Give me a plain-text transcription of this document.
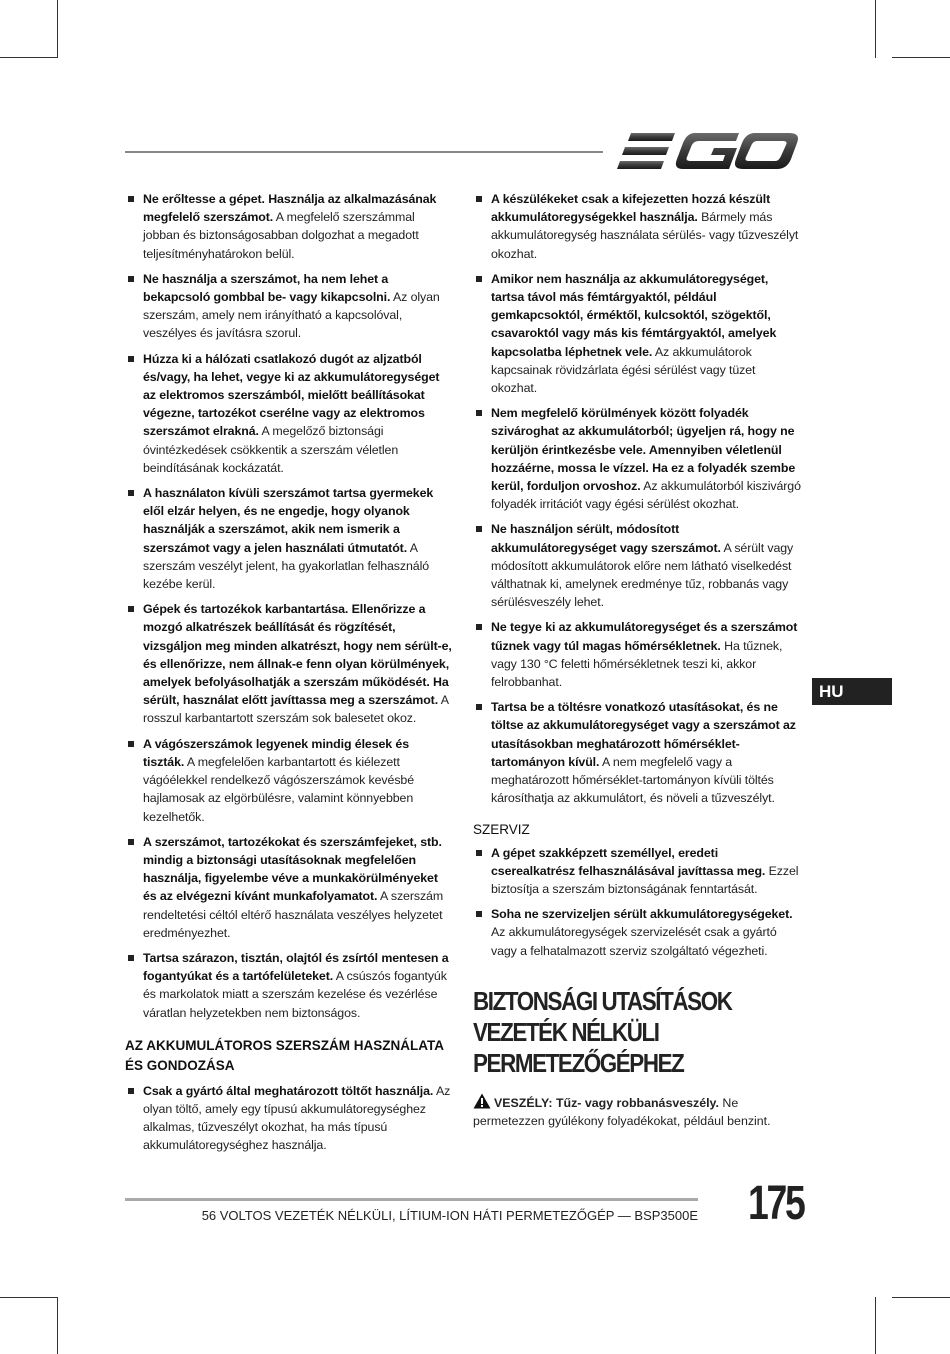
Ne erőltesse a gépet. Használja az alkalmazásának megfelelő szerszámot. A megfelelő szerszámmal jobban és biztonságosabban dolgozhat a megadott teljesítményhatárokon belül.
Ne használja a szerszámot, ha nem lehet a bekapcsoló gombbal be- vagy kikapcsolni. Az olyan szerszám, amely nem irányítható a kapcsolóval, veszélyes és javításra szorul.
Húzza ki a hálózati csatlakozó dugót az aljzatból és/vagy, ha lehet, vegye ki az akkumulátoregységet az elektromos szerszámból, mielőtt beállításokat végezne, tartozékot cserélne vagy az elektromos szerszámot elrakná. A megelőző biztonsági óvintézkedések csökkentik a szerszám véletlen beindításának kockázatát.
A használaton kívüli szerszámot tartsa gyermekek elől elzár helyen, és ne engedje, hogy olyanok használják a szerszámot, akik nem ismerik a szerszámot vagy a jelen használati útmutatót. A szerszám veszélyt jelent, ha gyakorlatlan felhasználó kezébe kerül.
Gépek és tartozékok karbantartása. Ellenőrizze a mozgó alkatrészek beállítását és rögzítését, vizsgáljon meg minden alkatrészt, hogy nem sérült-e, és ellenőrizze, nem állnak-e fenn olyan körülmények, amelyek befolyásolhatják a szerszám működését. Ha sérült, használat előtt javíttassa meg a szerszámot. A rosszul karbantartott szerszám sok balesetet okoz.
A vágószerszámok legyenek mindig élesek és tiszták. A megfelelően karbantartott és kiélezett vágóélekkel rendelkező vágószerszámok kevésbé hajlamosak az elgörbülésre, valamint könnyebben kezelhetők.
A szerszámot, tartozékokat és szerszámfejeket, stb. mindig a biztonsági utasításoknak megfelelően használja, figyelembe véve a munkakörülményeket és az elvégezni kívánt munkafolyamatot. A szerszám rendeltetési céltól eltérő használata veszélyes helyzetet eredményezhet.
Tartsa szárazon, tisztán, olajtól és zsírtól mentesen a fogantyúkat és a tartófelületeket. A csúszós fogantyúk és markolatok miatt a szerszám kezelése és vezérlése váratlan helyzetekben nem biztonságos.
AZ AKKUMULÁTOROS SZERSZÁM HASZNÁLATA ÉS GONDOZÁSA
Csak a gyártó által meghatározott töltőt használja. Az olyan töltő, amely egy típusú akkumulátoregységhez alkalmas, tűzveszélyt okozhat, ha más típusú akkumulátoregységhez használja.
A készülékeket csak a kifejezetten hozzá készült akkumulátoregységekkel használja. Bármely más akkumulátoregység használata sérülés- vagy tűzveszélyt okozhat.
Amikor nem használja az akkumulátoregységet, tartsa távol más fémtárgyaktól, például gemkapcsoktól, érméktől, kulcsoktól, szögektől, csavaroktól vagy más kis fémtárgyaktól, amelyek kapcsolatba léphetnek vele. Az akkumulátorok kapcsainak rövidzárlata égési sérülést vagy tüzet okozhat.
Nem megfelelő körülmények között folyadék szivároghat az akkumulátorból; ügyeljen rá, hogy ne kerüljön érintkezésbe vele. Amennyiben véletlenül hozzáérne, mossa le vízzel. Ha ez a folyadék szembe kerül, forduljon orvoshoz. Az akkumulátorból kiszivárgó folyadék irritációt vagy égési sérülést okozhat.
Ne használjon sérült, módosított akkumulátoregységet vagy szerszámot. A sérült vagy módosított akkumulátorok előre nem látható viselkedést válthatnak ki, amelynek eredménye tűz, robbanás vagy sérülésveszély lehet.
Ne tegye ki az akkumulátoregységet és a szerszámot tűznek vagy túl magas hőmérsékletnek. Ha tűznek, vagy 130 °C feletti hőmérsékletnek teszi ki, akkor felrobbanhat.
Tartsa be a töltésre vonatkozó utasításokat, és ne töltse az akkumulátoregységet vagy a szerszámot az utasításokban meghatározott hőmérséklet-tartományon kívül. A nem megfelelő vagy a meghatározott hőmérséklet-tartományon kívüli töltés károsíthatja az akkumulátort, és növeli a tűzveszélyt.
SZERVIZ
A gépet szakképzett személlyel, eredeti cserealkatrész felhasználásával javíttassa meg. Ezzel biztosítja a szerszám biztonságának fenntartását.
Soha ne szervizeljen sérült akkumulátoregységeket. Az akkumulátoregységek szervizelését csak a gyártó vagy a felhatalmazott szerviz szolgáltató végezheti.
BIZTONSÁGI UTASÍTÁSOK VEZETÉK NÉLKÜLI PERMETEZŐGÉPHEZ
VESZÉLY: Tűz- vagy robbanásveszély. Ne permetezzen gyúlékony folyadékokat, például benzint.
HU
56 VOLTOS VEZETÉK NÉLKÜLI, LÍTIUM-ION HÁTI PERMETEZŐGÉP — BSP3500E 175
